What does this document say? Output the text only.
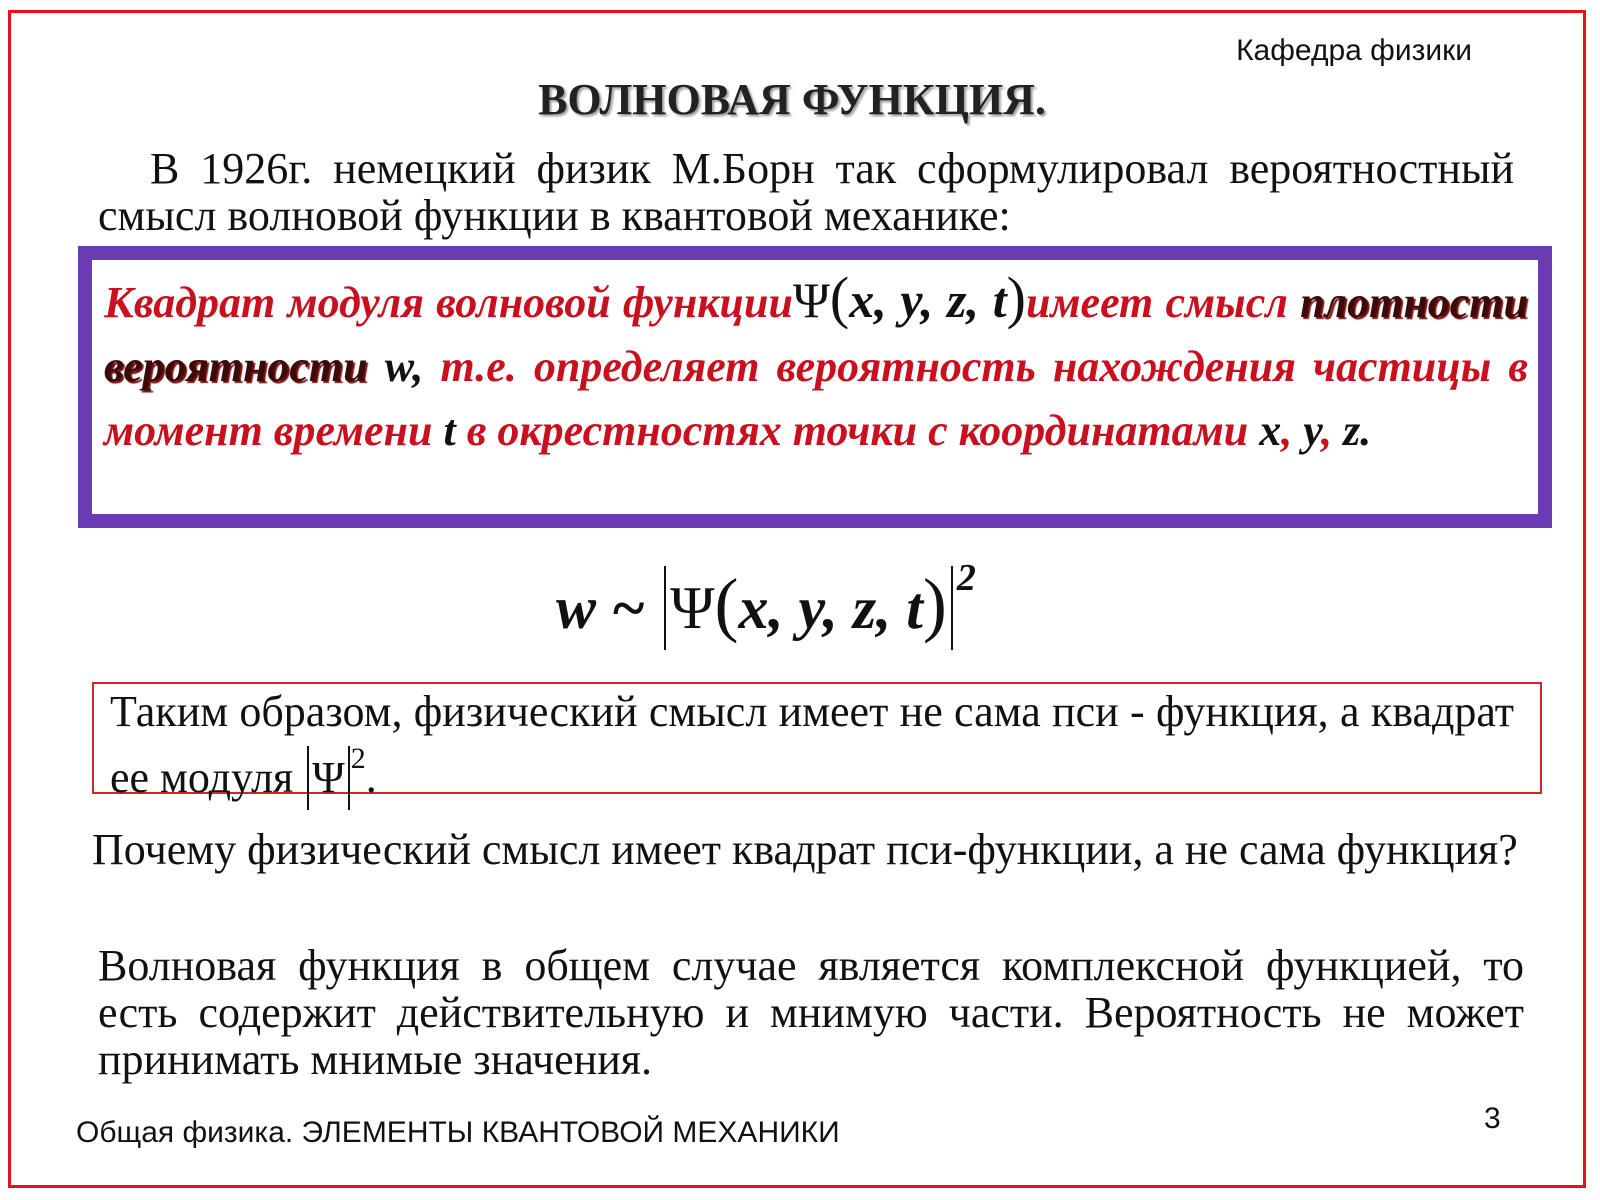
Кафедра физики
ВОЛНОВАЯ ФУНКЦИЯ.
В 1926г. немецкий физик М.Борн так сформулировал вероятностный смысл волновой функции в квантовой механике:
Квадрат модуля волновой функцииΨ(x, y, z, t)имеет смысл плотности вероятности w, т.е. определяет вероятность нахождения частицы в момент времени t в окрестностях точки с координатами x, y, z.
w ~ Ψ(x, y, z, t) $^2$
Таким образом, физический смысл имеет не сама пси - функция, а квадрат ее модуля Ψ $^2$.
Почему физический смысл имеет квадрат пси-функции, а не сама функция?
Волновая функция в общем случае является комплексной функцией, то есть содержит действительную и мнимую части. Вероятность не может принимать мнимые значения.
Общая физика. ЭЛЕМЕНТЫ КВАНТОВОЙ МЕХАНИКИ	3
